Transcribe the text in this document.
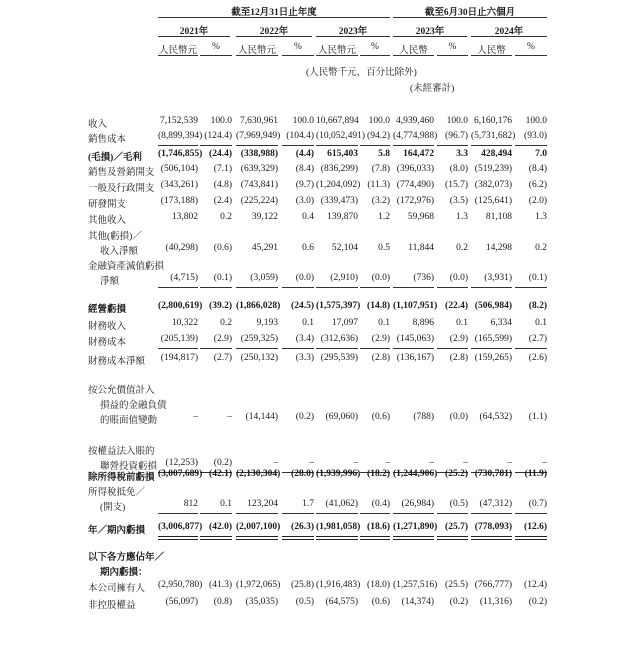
截至12月31日止年度	截至6月30日止六個月
2021年	2022年	2023年	2023年	2024年
人民幣元	%	人民幣元	%	人民幣元	%	人民幣	%	人民幣	%
(人民幣千元，百分比除外)
(未經審計)
收入	7,152,539	100.0 7,630,961	100.0 10,667,894	100.0 4,939,460	100.0 6,160,176	100.0
銷售成本	(8,899,394) (124.4) (7,969,949) (104.4) (10,052,491) (94.2) (4,774,988) (96.7) (5,731,682) (93.0)
(毛損)／毛利 (1,746,855) (24.4) (338,988)	(4.4)	615,403	5.8	164,472	3.3	428,494	7.0
銷售及營銷開支 (506,104)	(7.1) (639,329)	(8.4) (836,299)	(7.8) (396,033)	(8.0) (519,239)	(8.4)
一般及行政開支 (343,261)	(4.8) (743,841)	(9.7) (1,204,092) (11.3) (774,490)	(15.7) (382,073)	(6.2)
研發開支	(173,188)	(2.4) (225,224)	(3.0) (339,473)	(3.2) (172,976)	(3.5) (125,641)	(2.0)
其他收入	13,802	0.2	39,122	0.4	139,870	1.2	59,968	1.3	81,108	1.3
其他(虧損)／
收入淨額	(40,298)	(0.6)	45,291	0.6	52,104	0.5	11,844	0.2	14,298	0.2
金融資產減值虧損
淨額	(4,715)	(0.1)	(3,059)	(0.0)	(2,910)	(0.0)	(736)	(0.0)	(3,931)	(0.1)
經營虧損	(2,800,619) (39.2) (1,866,028)	(24.5) (1,575,397) (14.8) (1,107,951) (22.4) (506,984)	(8.2)
財務收入	10,322	0.2	9,193	0.1	17,097	0.1	8,896	0.1	6,334	0.1
財務成本	(205,139)	(2.9) (259,325)	(3.4) (312,636)	(2.9) (145,063)	(2.9) (165,599)	(2.7)
財務成本淨額 (194,817)	(2.7) (250,132)	(3.3) (295,539)	(2.8) (136,167)	(2.8) (159,265)	(2.6)
按公允價值計入
損益的金融負債
的賬面值變動	–	–	(14,144)	(0.2)	(69,060)	(0.6)	(788)	(0.0)	(64,532)	(1.1)
按權益法入賬的
聯營投資虧損 (12,253)	(0.2)	–	–	–	–	–	–	–	–
除所得稅前虧損 (3,007,689) (42.1) (2,130,304)	(28.0) (1,939,996) (18.2) (1,244,906) (25.2) (730,781)	(11.9)
所得稅抵免／
(開支)	812	0.1	123,204	1.7	(41,062)	(0.4)	(26,984)	(0.5)	(47,312)	(0.7)
年／期內虧損 (3,006,877) (42.0) (2,007,100)	(26.3) (1,981,058) (18.6) (1,271,890) (25.7) (778,093)	(12.6)
以下各方應佔年／
期內虧損：
本公司擁有人 (2,950,780) (41.3) (1,972,065)	(25.8) (1,916,483) (18.0) (1,257,516) (25.5) (766,777)	(12.4)
非控股權益	(56,097)	(0.8)	(35,035)	(0.5)	(64,575)	(0.6)	(14,374)	(0.2)	(11,316)	(0.2)
